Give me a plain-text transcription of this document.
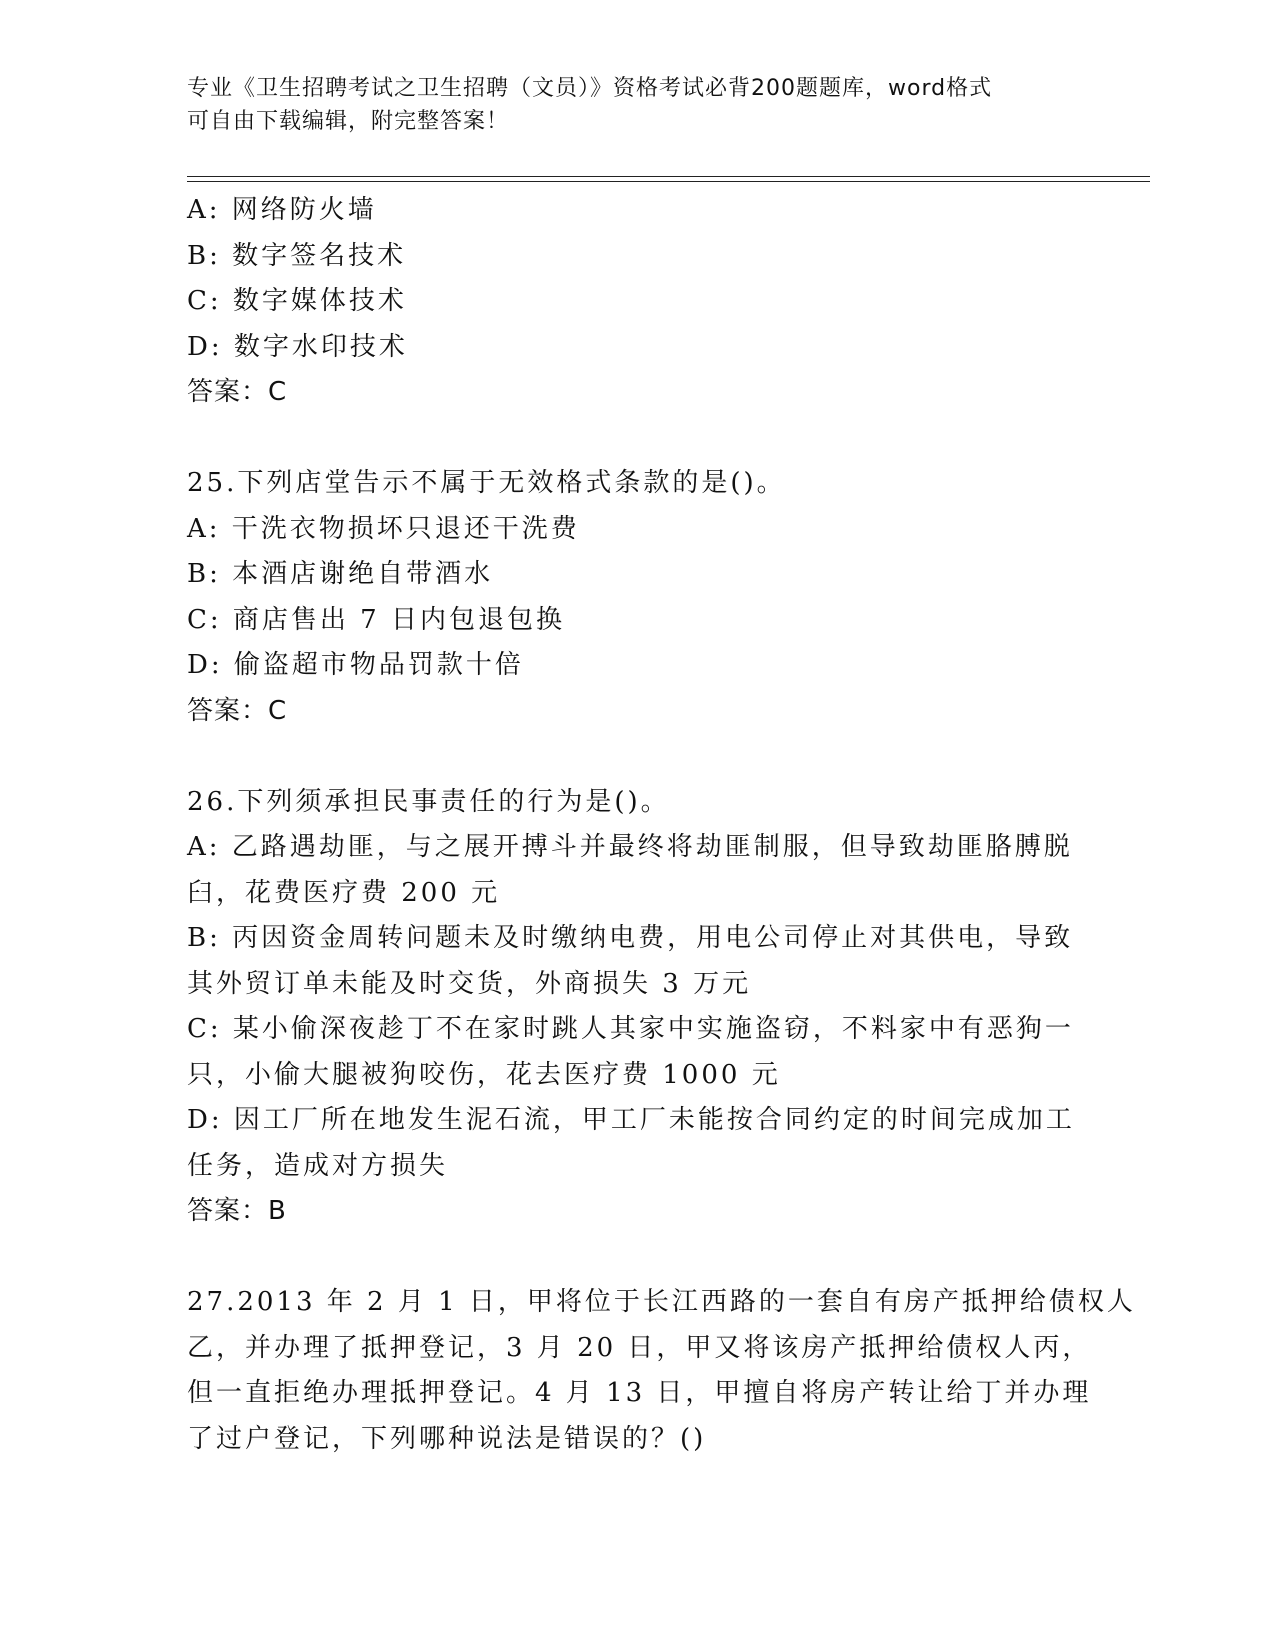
专业《卫生招聘考试之卫生招聘（文员）》资格考试必背200题题库，word格式
可自由下载编辑，附完整答案！
A: 网络防火墙
B: 数字签名技术
C: 数字媒体技术
D: 数字水印技术
答案：C
25.下列店堂告示不属于无效格式条款的是()。
A: 干洗衣物损坏只退还干洗费
B: 本酒店谢绝自带酒水
C: 商店售出 7 日内包退包换
D: 偷盗超市物品罚款十倍
答案：C
26.下列须承担民事责任的行为是()。
A: 乙路遇劫匪，与之展开搏斗并最终将劫匪制服，但导致劫匪胳膊脱
臼，花费医疗费 200 元
B: 丙因资金周转问题未及时缴纳电费，用电公司停止对其供电，导致
其外贸订单未能及时交货，外商损失 3 万元
C: 某小偷深夜趁丁不在家时跳人其家中实施盗窃，不料家中有恶狗一
只，小偷大腿被狗咬伤，花去医疗费 1000 元
D: 因工厂所在地发生泥石流，甲工厂未能按合同约定的时间完成加工
任务，造成对方损失
答案：B
27.2013 年 2 月 1 日，甲将位于长江西路的一套自有房产抵押给债权人
乙，并办理了抵押登记，3 月 20 日，甲又将该房产抵押给债权人丙，
但一直拒绝办理抵押登记。4 月 13 日，甲擅自将房产转让给丁并办理
了过户登记，下列哪种说法是错误的？()
